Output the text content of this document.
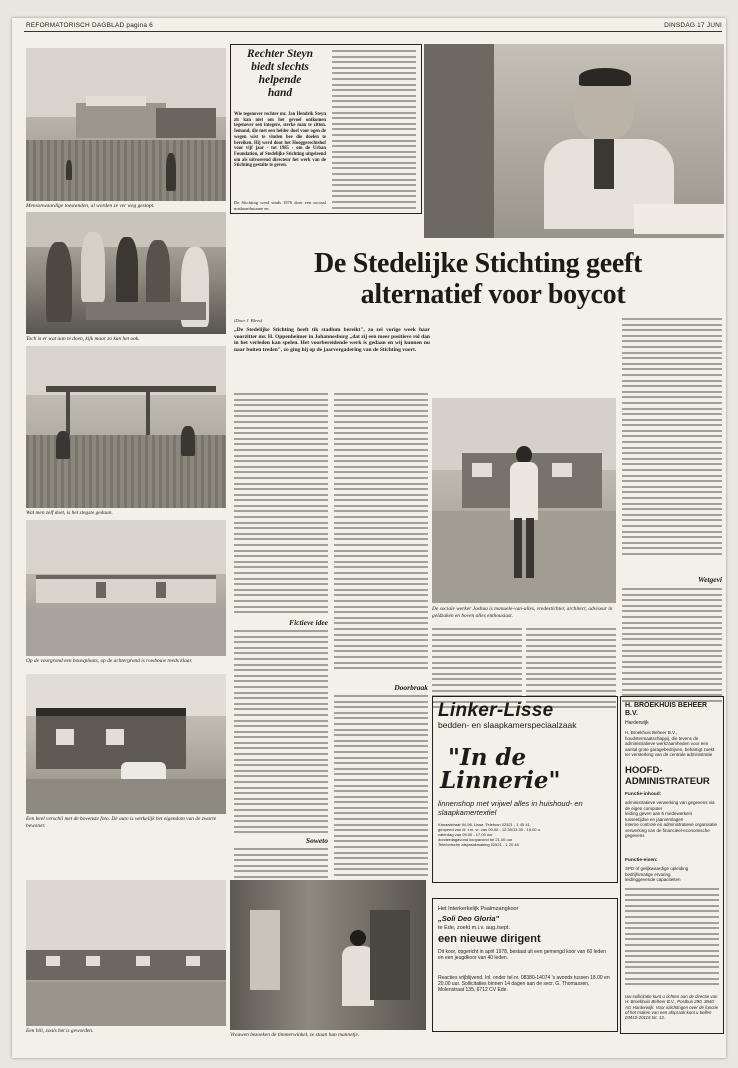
REFORMATORISCH DAGBLAD pagina 6	DINSDAG 17 JUNI
Mensonwaardige toestanden, al worden ze ver weg gestopt.
Toch is er wat aan te doen, kijk maar zo kan het ook.
Wat men zelf doet, is het stegste gedaan.
Op de voorgrond een bouwplaats, op de achtergrond is rowbouw reeds klaar.
Een heel verschil met de bovenste foto. De auto is werkelijk het eigendom van de zwarte bewoner.
Een bili, zoals het is geworden.
Rechter Steyn
biedt slechts
helpende
hand
Wie tegenover rechter mr. Jan Hendrik Steyn zit kan niet om het gevoel ontkomen tegenover een integere, sterke man te zitten. Iemand, die met een helder doel voor ogen de wegen wist te vinden bee die doelen te bereiken. Hij werd door het Hooggerechtshof voor vijf jaar - tot 1985 - om de Urban Foundation, of Stedelijke Stichting uitgeleend om als uitvoerend directeur het werk van de Stichting gestalte te geven.
De Stichting werd sinds 1976 door een sociaal misbaarthuisme en
De Stedelijke Stichting geeft
alternatief voor boycot
(Door J. Blees)
„De Stedelijke Stichting heeft tik stadium bereikt", zo zei vorige week haar voorzitter mr. H. Oppenheimer in Johannesburg „dat zij een meer positieve rol dan in het verleden kan spelen. Het voorbereidende werk is gedaan en wij kunnen nu naar buiten treden", zo ging hij op de jaarvergadering van de Stichting voort.
Fictieve idee
Soweto
Doorbraak
De sociale werker Joshua is manuele-van-alles, vredestichter, architect, adviseur in geldzaken en boven alles enthousiast.
Wetgevi
Vrouwen bezoeken de timmerwinkel, ze staan hun mannetje.
Linker-Lisse
bedden- en slaapkamerspeciaalzaak
"In de
Linnerie"
linnenshop met vrijwel alles in huishoud- en slaapkamertextiel
Kanaalstraat 94-96, Lisse. Telefoon 02521 - 1 45 41
geopend van di. t.m. vr. van 09.00 - 12.30/13.30 - 18.00 u.
zaterdag van 09.00 - 17.00 uur
donderdagavond koopavond tot 21.00 uur
Telefonische afspraakmaking 02521 - 1 20 48
Het Interkerkelijk Psalmzangkoor
„Soli Deo Gloria"
te Ede, zoekt m.i.v. aug./sept.
een nieuwe dirigent
Dit koor, opgericht in april 1978, bestaat uit een gemengd koor van 60 leden en een jeugdkoor van 40 leden.
Reacties vrijblijvend. Inl. onder tel.nr. 08380-14074 's avonds tussen 18.00 en 20.00 uur. Sollicitaties binnen 14 dagen aan de secr. G. Thomassen, Molenstraat 135, 6712 CV Ede.
H. BROEKHUIS BEHEER B.V.
Harderwijk
H. Broekhuis Beheer B.V., houdstermaatschappij, die tevens de administratieve werkzaamheden voor een aantal grote garagebedrijven, behartigt zoekt ter versterking van de centrale administratie
HOOFD-
ADMINISTRATEUR
Functie-inhoud:
administratieve verwerking van gegevens via de eigen computer
leiding geven aan 6 medewerkers
tussentijdse en jaarverslagen
interne controle en administratieve organisatie
verwerking van de financieel-economische gegevens
Functie-eisen:
SPD of gelijkwaardige opleiding
bedrijfsmatige ervaring
leidinggevende capaciteiten
Uw sollicitatie kunt u richten aan de directie van H. Broekhuis Beheer B.V., Postbus 290, 3840 AG Harderwijk. Voor inlichtingen over de functie of het maken van een afspraak kunt u bellen 03410-20116 tst. 13.
